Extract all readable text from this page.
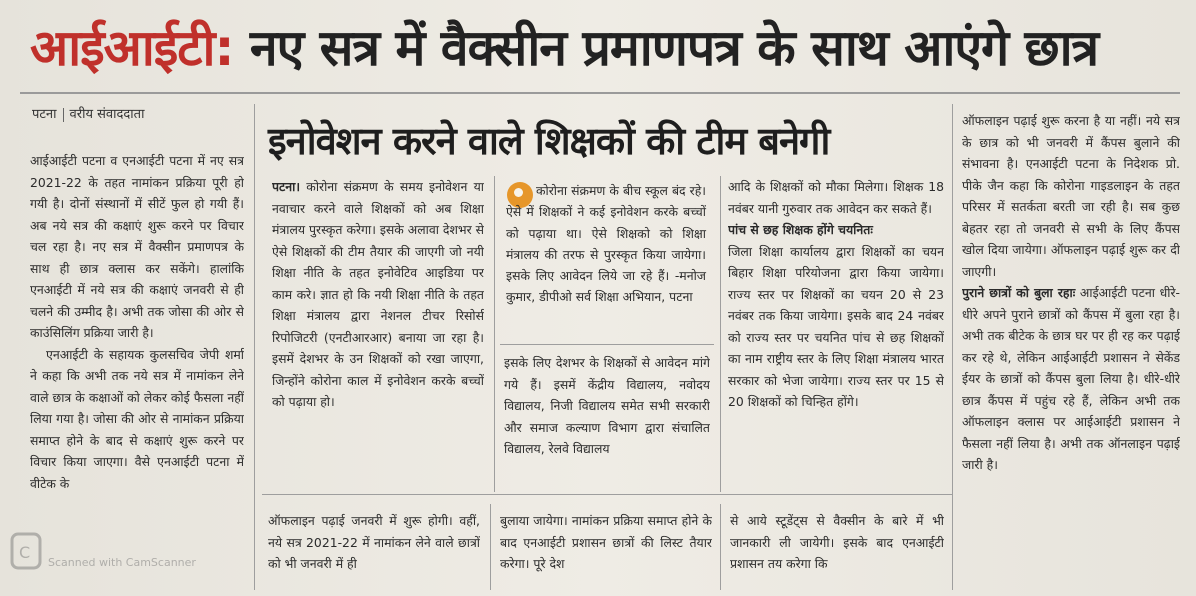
आईआईटी: नए सत्र में वैक्सीन प्रमाणपत्र के साथ आएंगे छात्र
पटना वरीय संवाददाता

आईआईटी पटना व एनआईटी पटना में नए सत्र 2021-22 के तहत नामांकन प्रक्रिया पूरी हो गयी है। दोनों संस्थानों में सीटें फुल हो गयी हैं। अब नये सत्र की कक्षाएं शुरू करने पर विचार चल रहा है। नए सत्र में वैक्सीन प्रमाणपत्र के साथ ही छात्र क्लास कर सकेंगे। हालांकि एनआईटी में नये सत्र की कक्षाएं जनवरी से ही चलने की उम्मीद है। अभी तक जोसा की ओर से काउंसिलिंग प्रक्रिया जारी है।

एनआईटी के सहायक कुलसचिव जेपी शर्मा ने कहा कि अभी तक नये सत्र में नामांकन लेने वाले छात्र के कक्षाओं को लेकर कोई फैसला नहीं लिया गया है। जोसा की ओर से नामांकन प्रक्रिया समाप्त होने के बाद से कक्षाएं शुरू करने पर विचार किया जाएगा। वैसे एनआईटी पटना में वीटेक के

इनोवेशन करने वाले शिक्षकों की टीम बनेगी

पटना। कोरोना संक्रमण के समय इनोवेशन या नवाचार करने वाले शिक्षकों को अब शिक्षा मंत्रालय पुरस्कृत करेगा। इसके अलावा देशभर से ऐसे शिक्षकों की टीम तैयार की जाएगी जो नयी शिक्षा नीति के तहत इनोवेटिव आइडिया पर काम करे। ज्ञात हो कि नयी शिक्षा नीति के तहत शिक्षा मंत्रालय द्वारा नेशनल टीचर रिसोर्स रिपोजिटरी (एनटीआरआर) बनाया जा रहा है। इसमें देशभर के उन शिक्षकों को रखा जाएगा, जिन्होंने कोरोना काल में इनोवेशन करके बच्चों को पढ़ाया हो।

कोरोना संक्रमण के बीच स्कूल बंद रहे। ऐसे में शिक्षकों ने कई इनोवेशन करके बच्चों को पढ़ाया था। ऐसे शिक्षको को शिक्षा मंत्रालय की तरफ से पुरस्कृत किया जायेगा। इसके लिए आवेदन लिये जा रहे हैं। -मनोज कुमार, डीपीओ सर्व शिक्षा अभियान, पटना

इसके लिए देशभर के शिक्षकों से आवेदन मांगे गये हैं। इसमें केंद्रीय विद्यालय, नवोदय विद्यालय, निजी विद्यालय समेत सभी सरकारी और समाज कल्याण विभाग द्वारा संचालित विद्यालय, रेलवे विद्यालय

आदि के शिक्षकों को मौका मिलेगा। शिक्षक 18 नवंबर यानी गुरुवार तक आवेदन कर सकते हैं।

पांच से छह शिक्षक होंगे चयनितः

जिला शिक्षा कार्यालय द्वारा शिक्षकों का चयन बिहार शिक्षा परियोजना द्वारा किया जायेगा। राज्य स्तर पर शिक्षकों का चयन 20 से 23 नवंबर तक किया जायेगा। इसके बाद 24 नवंबर को राज्य स्तर पर चयनित पांच से छह शिक्षकों का नाम राष्ट्रीय स्तर के लिए शिक्षा मंत्रालय भारत सरकार को भेजा जायेगा। राज्य स्तर पर 15 से 20 शिक्षकों को चिन्हित होंगे।

ऑफलाइन पढ़ाई जनवरी में शुरू होगी। वहीं, नये सत्र 2021-22 में नामांकन लेने वाले छात्रों को भी जनवरी में ही

बुलाया जायेगा। नामांकन प्रक्रिया समाप्त होने के बाद एनआईटी प्रशासन छात्रों की लिस्ट तैयार करेगा। पूरे देश

से आये स्टूडेंट्स से वैक्सीन के बारे में भी जानकारी ली जायेगी। इसके बाद एनआईटी प्रशासन तय करेगा कि

ऑफलाइन पढ़ाई शुरू करना है या नहीं। नये सत्र के छात्र को भी जनवरी में कैंपस बुलाने की संभावना है। एनआईटी पटना के निदेशक प्रो. पीके जैन कहा कि कोरोना गाइडलाइन के तहत परिसर में सतर्कता बरती जा रही है। सब कुछ बेहतर रहा तो जनवरी से सभी के लिए कैंपस खोल दिया जायेगा। ऑफलाइन पढ़ाई शुरू कर दी जाएगी।

पुराने छात्रों को बुला रहाः आईआईटी पटना धीरे-धीरे अपने पुराने छात्रों को कैंपस में बुला रहा है। अभी तक बीटेक के छात्र घर पर ही रह कर पढ़ाई कर रहे थे, लेकिन आईआईटी प्रशासन ने सेकेंड ईयर के छात्रों को कैंपस बुला लिया है। धीरे-धीरे छात्र कैंपस में पहुंच रहे हैं, लेकिन अभी तक ऑफलाइन क्लास पर आईआईटी प्रशासन ने फैसला नहीं लिया है। अभी तक ऑनलाइन पढ़ाई जारी है।

C
Scanned with CamScanner
